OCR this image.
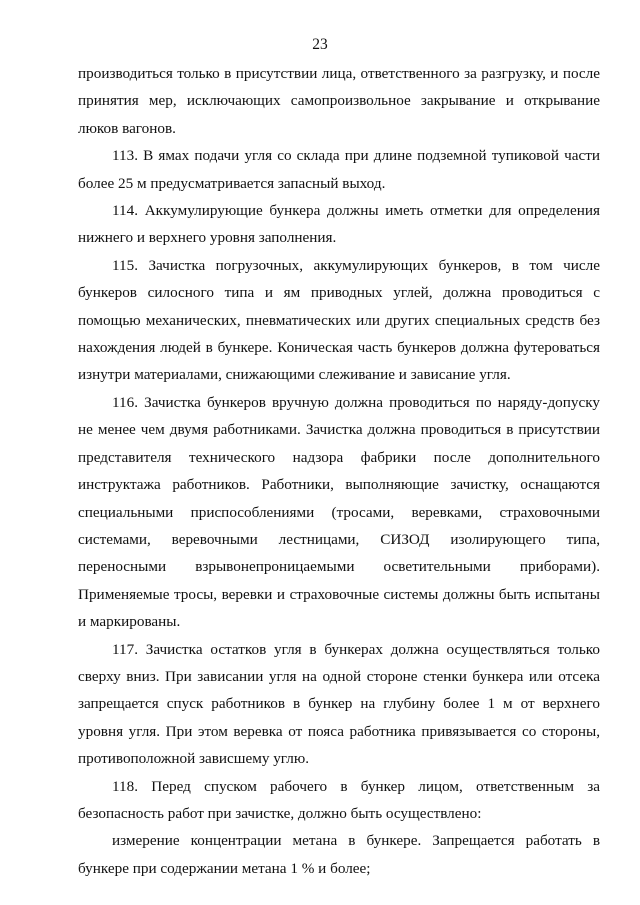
23

производиться только в присутствии лица, ответственного за разгрузку, и после принятия мер, исключающих самопроизвольное закрывание и открывание люков вагонов.

113. В ямах подачи угля со склада при длине подземной тупиковой части более 25 м предусматривается запасный выход.

114. Аккумулирующие бункера должны иметь отметки для определения нижнего и верхнего уровня заполнения.

115. Зачистка погрузочных, аккумулирующих бункеров, в том числе бункеров силосного типа и ям приводных углей, должна проводиться с помощью механических, пневматических или других специальных средств без нахождения людей в бункере. Коническая часть бункеров должна футероваться изнутри материалами, снижающими слеживание и зависание угля.

116. Зачистка бункеров вручную должна проводиться по наряду-допуску не менее чем двумя работниками. Зачистка должна проводиться в присутствии представителя технического надзора фабрики после дополнительного инструктажа работников. Работники, выполняющие зачистку, оснащаются специальными приспособлениями (тросами, веревками, страховочными системами, веревочными лестницами, СИЗОД изолирующего типа, переносными взрывонепроницаемыми осветительными приборами). Применяемые тросы, веревки и страховочные системы должны быть испытаны и маркированы.

117. Зачистка остатков угля в бункерах должна осуществляться только сверху вниз. При зависании угля на одной стороне стенки бункера или отсека запрещается спуск работников в бункер на глубину более 1 м от верхнего уровня угля. При этом веревка от пояса работника привязывается со стороны, противоположной зависшему углю.

118. Перед спуском рабочего в бункер лицом, ответственным за безопасность работ при зачистке, должно быть осуществлено:

измерение концентрации метана в бункере. Запрещается работать в бункере при содержании метана 1 % и более;
